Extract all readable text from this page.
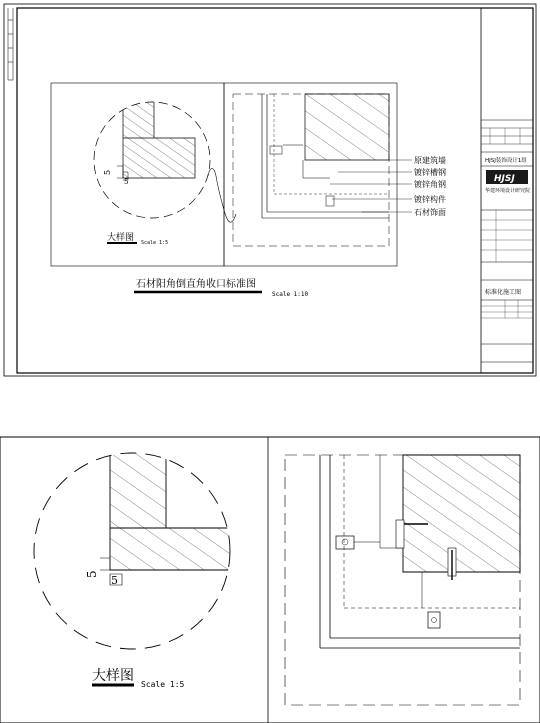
5
5
大样图 Scale 1:5
原建筑墙
镀锌槽钢
镀锌角钢
镀锌构件
石材饰面
石材阳角倒直角收口标准图
Scale 1:10
HJSJ装饰设计1组
HJSJ
华建环境设计研究院
标准化施工图
5 5
大样图
Scale 1:5
